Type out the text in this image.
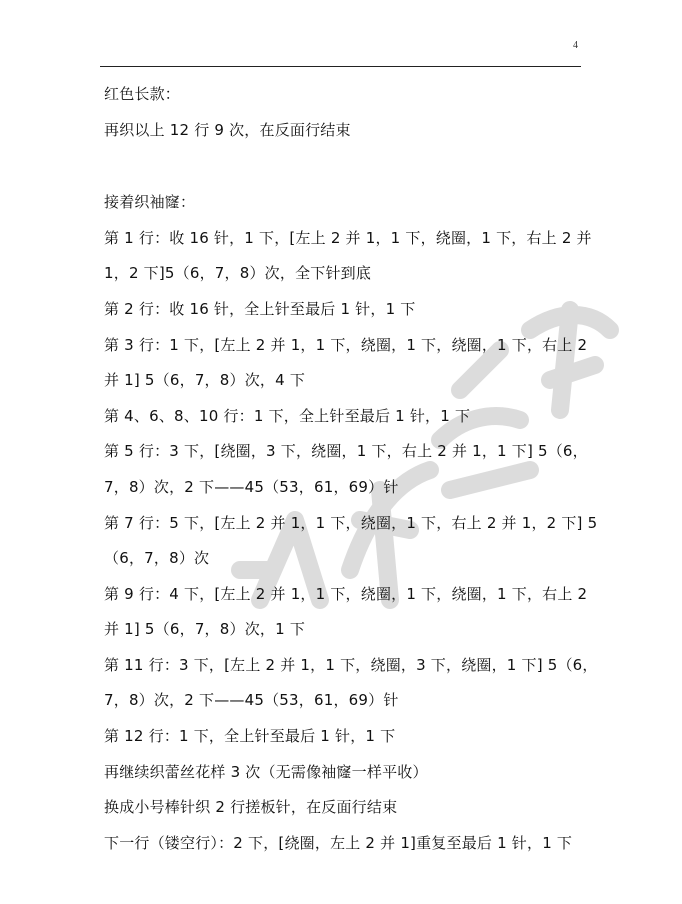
4
红色长款：
再织以上 12 行 9 次，在反面行结束
接着织袖窿：
第 1 行：收 16 针，1 下，[左上 2 并 1，1 下，绕圈，1 下，右上 2 并
1，2 下]5（6，7，8）次，全下针到底
第 2 行：收 16 针，全上针至最后 1 针，1 下
第 3 行：1 下，[左上 2 并 1，1 下，绕圈，1 下，绕圈，1 下，右上 2
并 1] 5（6，7，8）次，4 下
第 4、6、8、10 行：1 下，全上针至最后 1 针，1 下
第 5 行：3 下，[绕圈，3 下，绕圈，1 下，右上 2 并 1，1 下] 5（6，
7，8）次，2 下——45（53，61，69）针
第 7 行：5 下，[左上 2 并 1，1 下，绕圈，1 下，右上 2 并 1，2 下] 5
（6，7，8）次
第 9 行：4 下，[左上 2 并 1，1 下，绕圈，1 下，绕圈，1 下，右上 2
并 1] 5（6，7，8）次，1 下
第 11 行：3 下，[左上 2 并 1，1 下，绕圈，3 下，绕圈，1 下] 5（6，
7，8）次，2 下——45（53，61，69）针
第 12 行：1 下，全上针至最后 1 针，1 下
再继续织蕾丝花样 3 次（无需像袖窿一样平收）
换成小号棒针织 2 行搓板针，在反面行结束
下一行（镂空行）：2 下，[绕圈，左上 2 并 1]重复至最后 1 针，1 下
